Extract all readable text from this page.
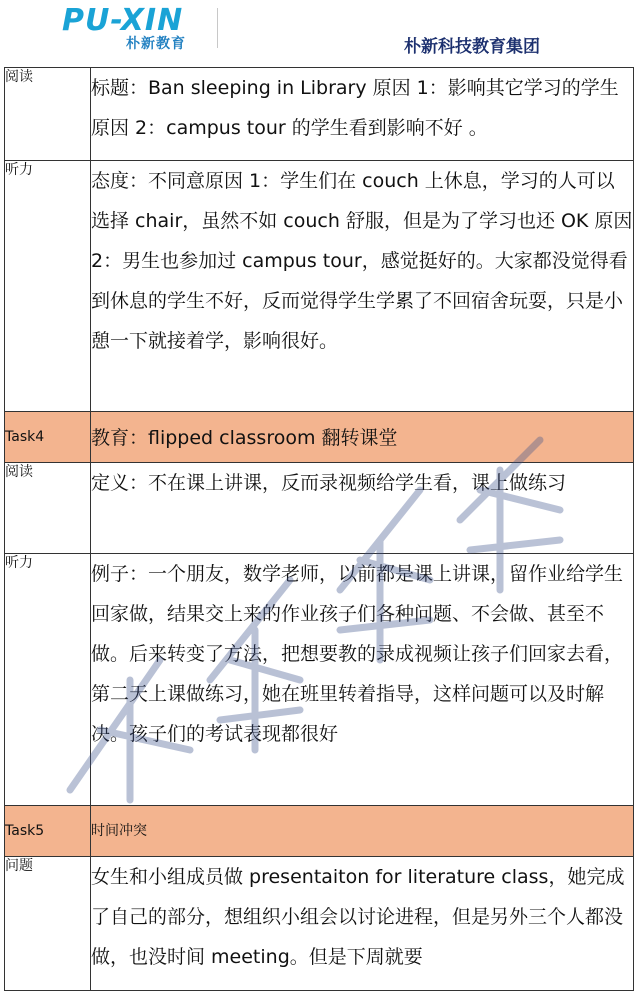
PU-XIN
朴新教育	朴新科技教育集团
阅读	标题：Ban sleeping in Library 原因 1：影响其它学习的学生原因 2：campus tour 的学生看到影响不好 。
听力	态度：不同意原因 1：学生们在 couch 上休息，学习的人可以选择 chair，虽然不如 couch 舒服，但是为了学习也还 OK 原因 2：男生也参加过 campus tour，感觉挺好的。大家都没觉得看到休息的学生不好，反而觉得学生学累了不回宿舍玩耍，只是小憩一下就接着学，影响很好。
Task4	教育：flipped classroom 翻转课堂
阅读	定义：不在课上讲课，反而录视频给学生看，课上做练习
听力	例子：一个朋友，数学老师，以前都是课上讲课，留作业给学生回家做，结果交上来的作业孩子们各种问题、不会做、甚至不做。后来转变了方法，把想要教的录成视频让孩子们回家去看，第二天上课做练习，她在班里转着指导，这样问题可以及时解决。孩子们的考试表现都很好
Task5	时间冲突
问题	女生和小组成员做 presentaiton for literature class，她完成了自己的部分，想组织小组会以讨论进程，但是另外三个人都没做，也没时间 meeting。但是下周就要
